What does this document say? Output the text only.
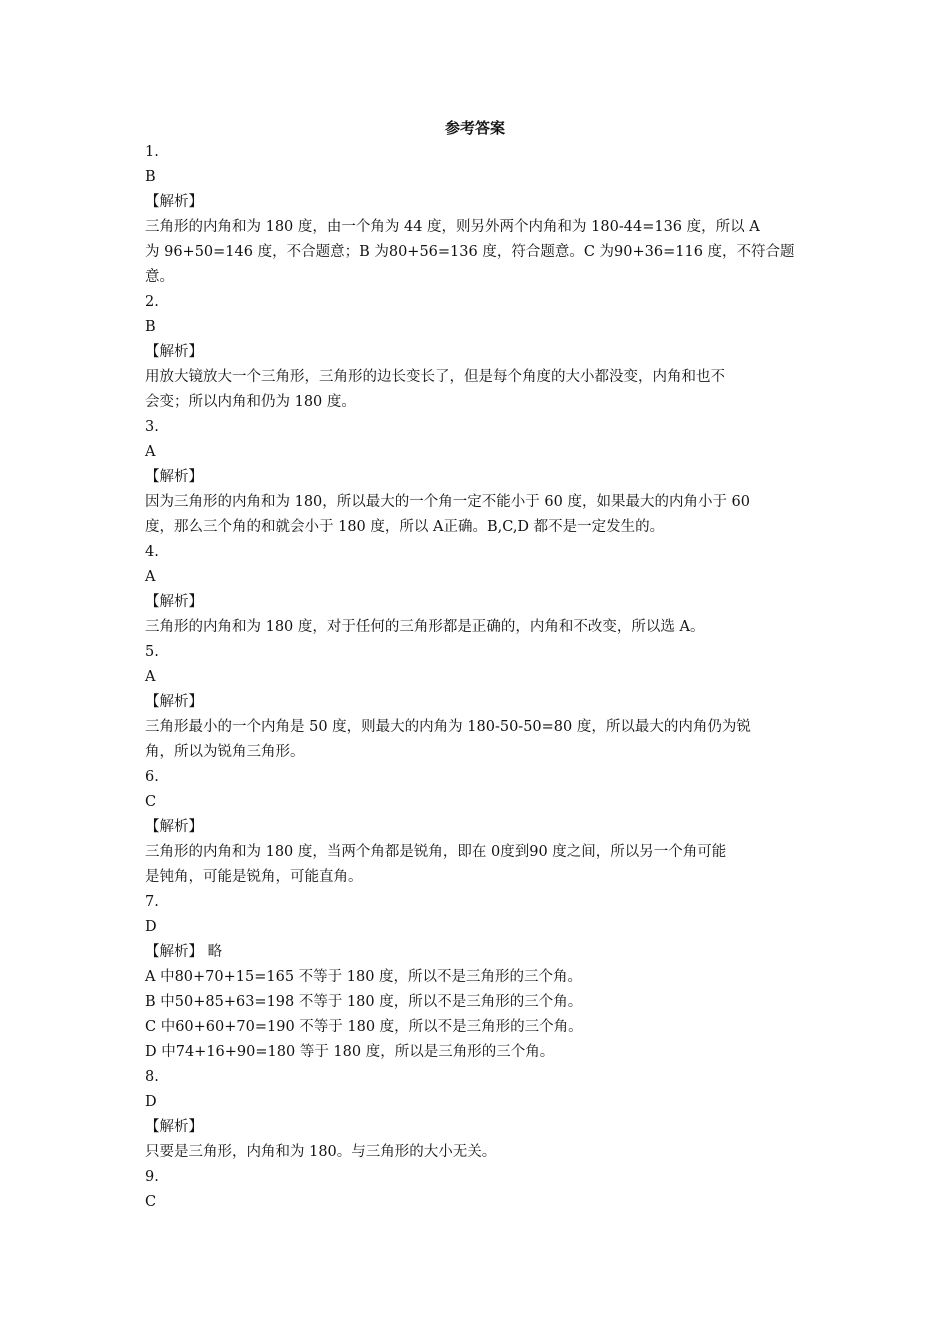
参考答案
1.
B
【解析】
三角形的内角和为 180 度，由一个角为 44 度，则另外两个内角和为 180-44=136 度，所以 A
为 96+50=146 度，不合题意；B 为80+56=136 度，符合题意。C 为90+36=116 度，不符合题
意。
2.
B
【解析】
用放大镜放大一个三角形，三角形的边长变长了，但是每个角度的大小都没变，内角和也不
会变；所以内角和仍为 180 度。
3.
A
【解析】
因为三角形的内角和为 180，所以最大的一个角一定不能小于 60 度，如果最大的内角小于 60
度，那么三个角的和就会小于 180 度，所以 A正确。B,C,D 都不是一定发生的。
4.
A
【解析】
三角形的内角和为 180 度，对于任何的三角形都是正确的，内角和不改变，所以选 A。
5.
A
【解析】
三角形最小的一个内角是 50 度，则最大的内角为 180-50-50=80 度，所以最大的内角仍为锐
角，所以为锐角三角形。
6.
C
【解析】
三角形的内角和为 180 度，当两个角都是锐角，即在 0度到90 度之间，所以另一个角可能
是钝角，可能是锐角，可能直角。
7.
D
【解析】 略
A 中80+70+15=165 不等于 180 度，所以不是三角形的三个角。
B 中50+85+63=198 不等于 180 度，所以不是三角形的三个角。
C 中60+60+70=190 不等于 180 度，所以不是三角形的三个角。
D 中74+16+90=180 等于 180 度，所以是三角形的三个角。
8.
D
【解析】
只要是三角形，内角和为 180。与三角形的大小无关。
9.
C
